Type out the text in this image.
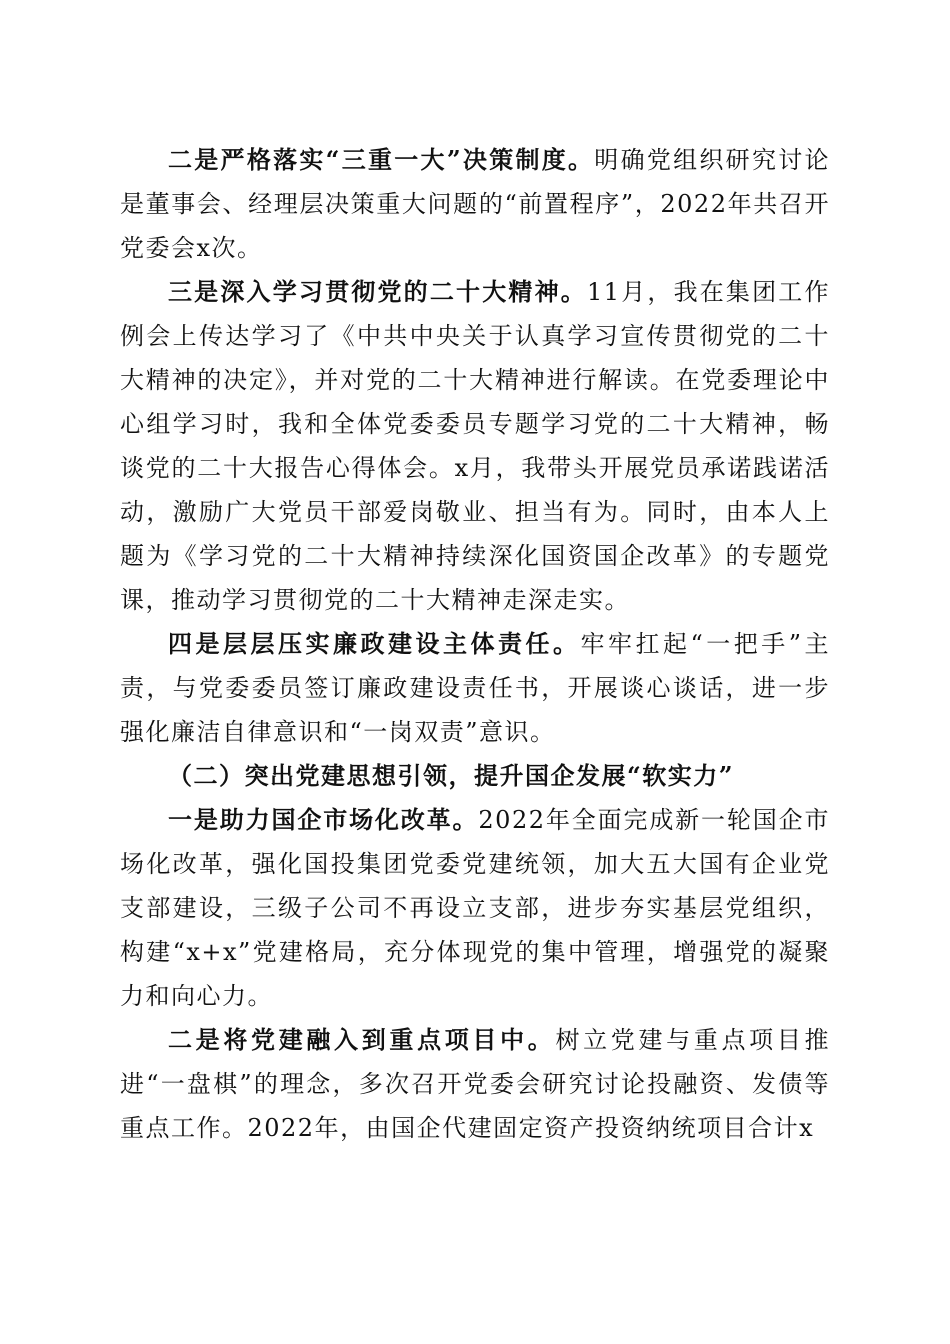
二是严格落实“三重一大”决策制度。明确党组织研究讨论是董事会、经理层决策重大问题的“前置程序”，2022年共召开党委会x次。

三是深入学习贯彻党的二十大精神。11月，我在集团工作例会上传达学习了《中共中央关于认真学习宣传贯彻党的二十大精神的决定》，并对党的二十大精神进行解读。在党委理论中心组学习时，我和全体党委委员专题学习党的二十大精神，畅谈党的二十大报告心得体会。x月，我带头开展党员承诺践诺活动，激励广大党员干部爱岗敬业、担当有为。同时，由本人上题为《学习党的二十大精神持续深化国资国企改革》的专题党课，推动学习贯彻党的二十大精神走深走实。

四是层层压实廉政建设主体责任。牢牢扛起“一把手”主责，与党委委员签订廉政建设责任书，开展谈心谈话，进一步强化廉洁自律意识和“一岗双责”意识。

（二）突出党建思想引领，提升国企发展“软实力”

一是助力国企市场化改革。2022年全面完成新一轮国企市场化改革，强化国投集团党委党建统领，加大五大国有企业党支部建设，三级子公司不再设立支部，进步夯实基层党组织，构建“x+x”党建格局，充分体现党的集中管理，增强党的凝聚力和向心力。

二是将党建融入到重点项目中。树立党建与重点项目推进“一盘棋”的理念，多次召开党委会研究讨论投融资、发债等重点工作。2022年，由国企代建固定资产投资纳统项目合计x
